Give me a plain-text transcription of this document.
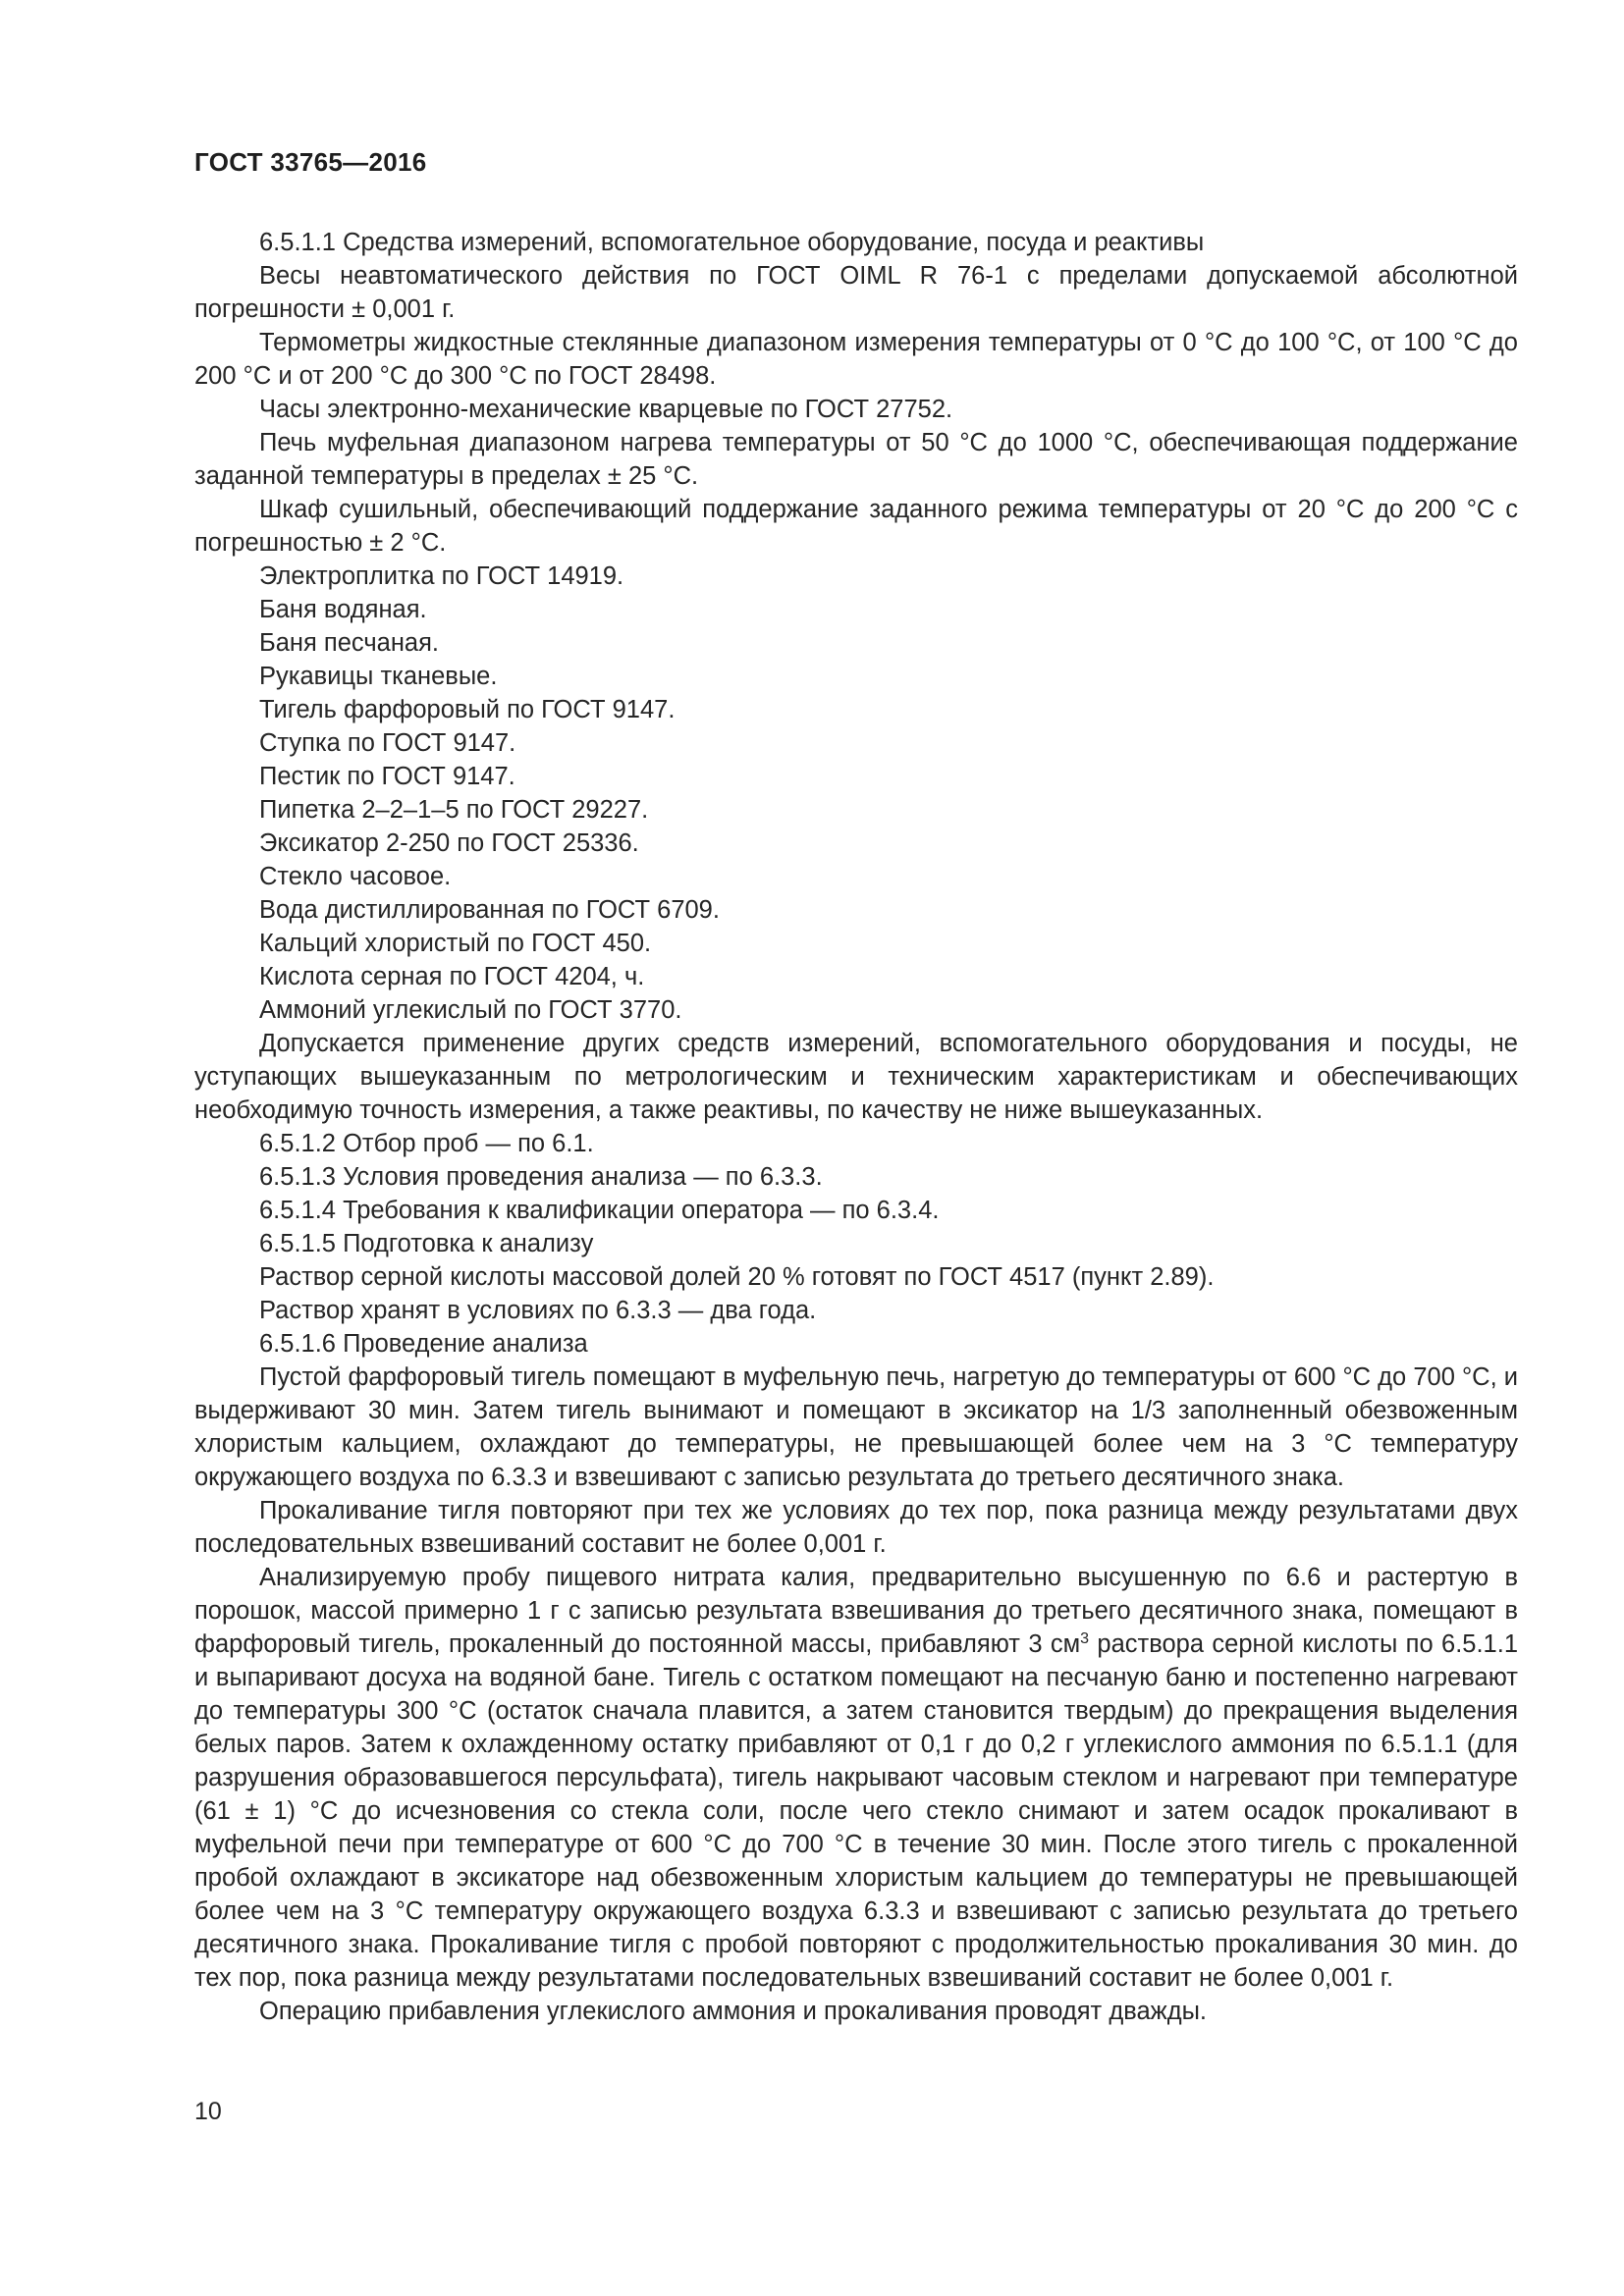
ГОСТ 33765—2016

6.5.1.1 Средства измерений, вспомогательное оборудование, посуда и реактивы

Весы неавтоматического действия по ГОСТ OIML R 76-1 с пределами допускаемой абсолютной погрешности ± 0,001 г.

Термометры жидкостные стеклянные диапазоном измерения температуры от 0 °С до 100 °С, от 100 °С до 200 °С и от 200 °С до 300 °С по ГОСТ 28498.

Часы электронно-механические кварцевые по ГОСТ 27752.

Печь муфельная диапазоном нагрева температуры от 50 °С до 1000 °С, обеспечивающая поддержание заданной температуры в пределах ± 25 °С.

Шкаф сушильный, обеспечивающий поддержание заданного режима температуры от 20 °С до 200 °С с погрешностью ± 2 °С.

Электроплитка по ГОСТ 14919.

Баня водяная.

Баня песчаная.

Рукавицы тканевые.

Тигель фарфоровый по ГОСТ 9147.

Ступка по ГОСТ 9147.

Пестик по ГОСТ 9147.

Пипетка 2–2–1–5 по ГОСТ 29227.

Эксикатор 2-250 по ГОСТ 25336.

Стекло часовое.

Вода дистиллированная по ГОСТ 6709.

Кальций хлористый по ГОСТ 450.

Кислота серная по ГОСТ 4204, ч.

Аммоний углекислый по ГОСТ 3770.

Допускается применение других средств измерений, вспомогательного оборудования и посуды, не уступающих вышеуказанным по метрологическим и техническим характеристикам и обеспечивающих необходимую точность измерения, а также реактивы, по качеству не ниже вышеуказанных.

6.5.1.2 Отбор проб — по 6.1.

6.5.1.3 Условия проведения анализа — по 6.3.3.

6.5.1.4 Требования к квалификации оператора — по 6.3.4.

6.5.1.5 Подготовка к анализу

Раствор серной кислоты массовой долей 20 % готовят по ГОСТ 4517 (пункт 2.89).

Раствор хранят в условиях по 6.3.3 — два года.

6.5.1.6 Проведение анализа

Пустой фарфоровый тигель помещают в муфельную печь, нагретую до температуры от 600 °С до 700 °С, и выдерживают 30 мин. Затем тигель вынимают и помещают в эксикатор на 1/3 заполненный обезвоженным хлористым кальцием, охлаждают до температуры, не превышающей более чем на 3 °С температуру окружающего воздуха по 6.3.3 и взвешивают с записью результата до третьего десятичного знака.

Прокаливание тигля повторяют при тех же условиях до тех пор, пока разница между результатами двух последовательных взвешиваний составит не более 0,001 г.

Анализируемую пробу пищевого нитрата калия, предварительно высушенную по 6.6 и растертую в порошок, массой примерно 1 г с записью результата взвешивания до третьего десятичного знака, помещают в фарфоровый тигель, прокаленный до постоянной массы, прибавляют 3 $см^3$ раствора серной кислоты по 6.5.1.1 и выпаривают досуха на водяной бане. Тигель с остатком помещают на песчаную баню и постепенно нагревают до температуры 300 °С (остаток сначала плавится, а затем становится твердым) до прекращения выделения белых паров. Затем к охлажденному остатку прибавляют от 0,1 г до 0,2 г углекислого аммония по 6.5.1.1 (для разрушения образовавшегося персульфата), тигель накрывают часовым стеклом и нагревают при температуре (61 ± 1) °С до исчезновения со стекла соли, после чего стекло снимают и затем осадок прокаливают в муфельной печи при температуре от 600 °С до 700 °С в течение 30 мин. После этого тигель с прокаленной пробой охлаждают в эксикаторе над обезвоженным хлористым кальцием до температуры не превышающей более чем на 3 °С температуру окружающего воздуха 6.3.3 и взвешивают с записью результата до третьего десятичного знака. Прокаливание тигля с пробой повторяют с продолжительностью прокаливания 30 мин. до тех пор, пока разница между результатами последовательных взвешиваний составит не более 0,001 г.

Операцию прибавления углекислого аммония и прокаливания проводят дважды.

10
